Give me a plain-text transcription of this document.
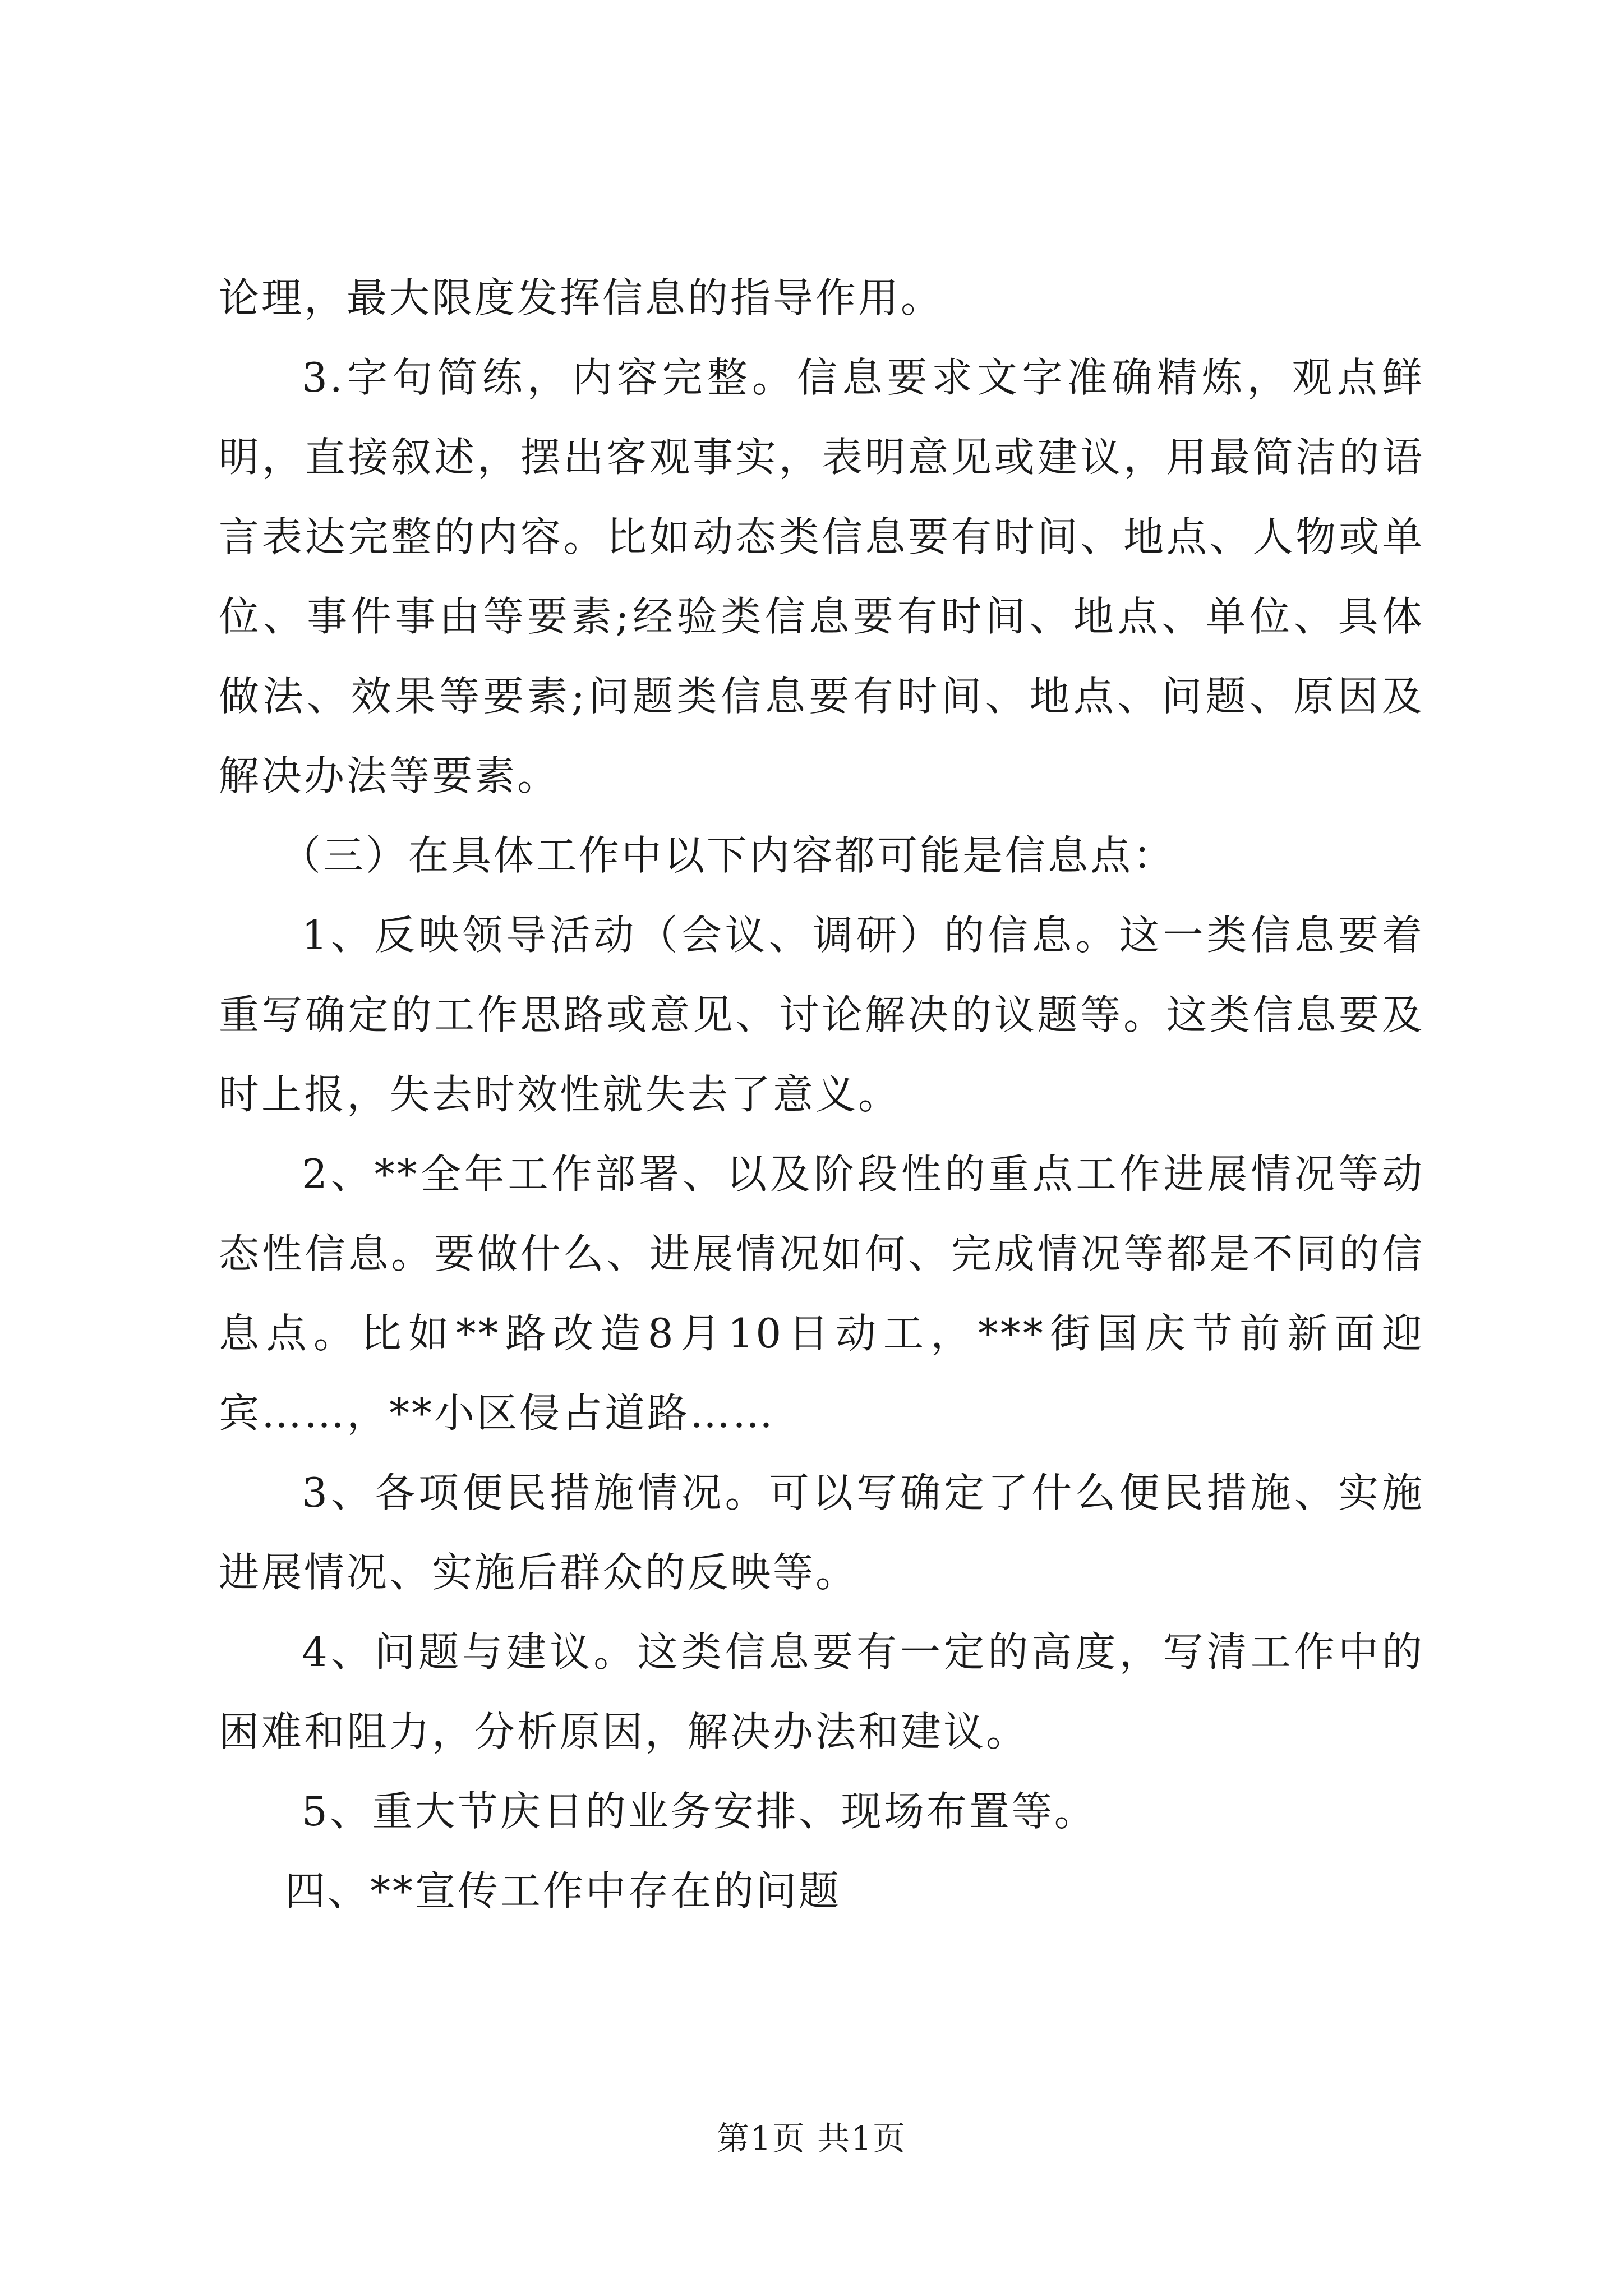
论理，最大限度发挥信息的指导作用。

3.字句简练，内容完整。信息要求文字准确精炼，观点鲜明，直接叙述，摆出客观事实，表明意见或建议，用最简洁的语言表达完整的内容。比如动态类信息要有时间、地点、人物或单位、事件事由等要素;经验类信息要有时间、地点、单位、具体做法、效果等要素;问题类信息要有时间、地点、问题、原因及解决办法等要素。

（三）在具体工作中以下内容都可能是信息点：

1、反映领导活动（会议、调研）的信息。这一类信息要着重写确定的工作思路或意见、讨论解决的议题等。这类信息要及时上报，失去时效性就失去了意义。

2、**全年工作部署、以及阶段性的重点工作进展情况等动态性信息。要做什么、进展情况如何、完成情况等都是不同的信息点。比如**路改造8月10日动工，***街国庆节前新面迎宾……，**小区侵占道路……

3、各项便民措施情况。可以写确定了什么便民措施、实施进展情况、实施后群众的反映等。

4、问题与建议。这类信息要有一定的高度，写清工作中的困难和阻力，分析原因，解决办法和建议。

5、重大节庆日的业务安排、现场布置等。

四、**宣传工作中存在的问题

第1页 共1页
